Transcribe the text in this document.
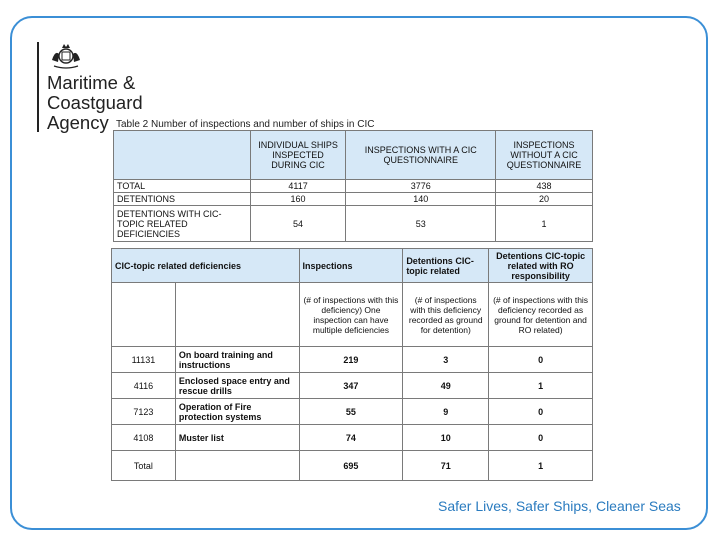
Maritime &
Coastguard
Agency Table 2 Number of inspections and number of ships in CIC
	INDIVIDUAL SHIPS INSPECTED DURING CIC	INSPECTIONS WITH A CIC QUESTIONNAIRE	INSPECTIONS WITHOUT A CIC QUESTIONNAIRE
TOTAL	4117	3776	438
DETENTIONS	160	140	20
DETENTIONS WITH CIC-TOPIC RELATED DEFICIENCIES	54	53	1
CIC-topic related deficiencies		Inspections	Detentions CIC-topic related	Detentions CIC-topic related with RO responsibility
		(# of inspections with this deficiency) One inspection can have multiple deficiencies	(# of inspections with this deficiency recorded as ground for detention)	(# of inspections with this deficiency recorded as ground for detention and RO related)
11131	On board training and instructions	219	3	0
4116	Enclosed space entry and rescue drills	347	49	1
7123	Operation of Fire protection systems	55	9	0
4108	Muster list	74	10	0
Total		695	71	1
Safer Lives, Safer Ships, Cleaner Seas
